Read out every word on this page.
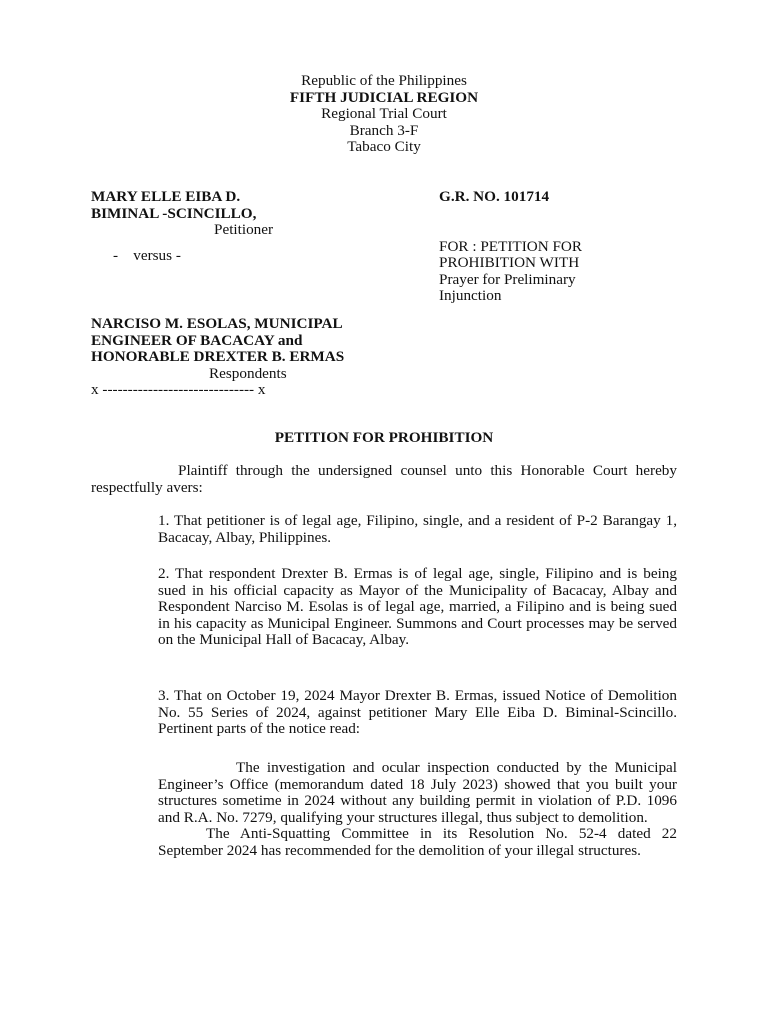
Republic of the Philippines
FIFTH JUDICIAL REGION
Regional Trial Court
Branch 3-F
Tabaco City
MARY ELLE EIBA D.
BIMINAL -SCINCILLO,
Petitioner
-    versus -
G.R. NO. 101714
FOR : PETITION FOR
PROHIBITION WITH
Prayer for Preliminary
Injunction
NARCISO M. ESOLAS, MUNICIPAL
ENGINEER OF BACACAY and
HONORABLE DREXTER B. ERMAS
Respondents
x ------------------------------ x
PETITION FOR PROHIBITION
Plaintiff through the undersigned counsel unto this Honorable Court hereby respectfully avers:
1. That petitioner is of legal age, Filipino, single, and a resident of P-2 Barangay 1, Bacacay, Albay, Philippines.
2. That respondent Drexter B. Ermas is of legal age, single, Filipino and is being sued in his official capacity as Mayor of the Municipality of Bacacay, Albay and Respondent Narciso M. Esolas is of legal age, married, a Filipino and is being sued in his capacity as Municipal Engineer. Summons and Court processes may be served on the Municipal Hall of Bacacay, Albay.
3. That on October 19, 2024 Mayor Drexter B. Ermas, issued Notice of Demolition No. 55 Series of 2024, against petitioner Mary Elle Eiba D. Biminal-Scincillo. Pertinent parts of the notice read:
The investigation and ocular inspection conducted by the Municipal Engineer’s Office (memorandum dated 18 July 2023) showed that you built your structures sometime in 2024 without any building permit in violation of P.D. 1096 and R.A. No. 7279, qualifying your structures illegal, thus subject to demolition.
The Anti-Squatting Committee in its Resolution No. 52-4 dated 22 September 2024 has recommended for the demolition of your illegal structures.
